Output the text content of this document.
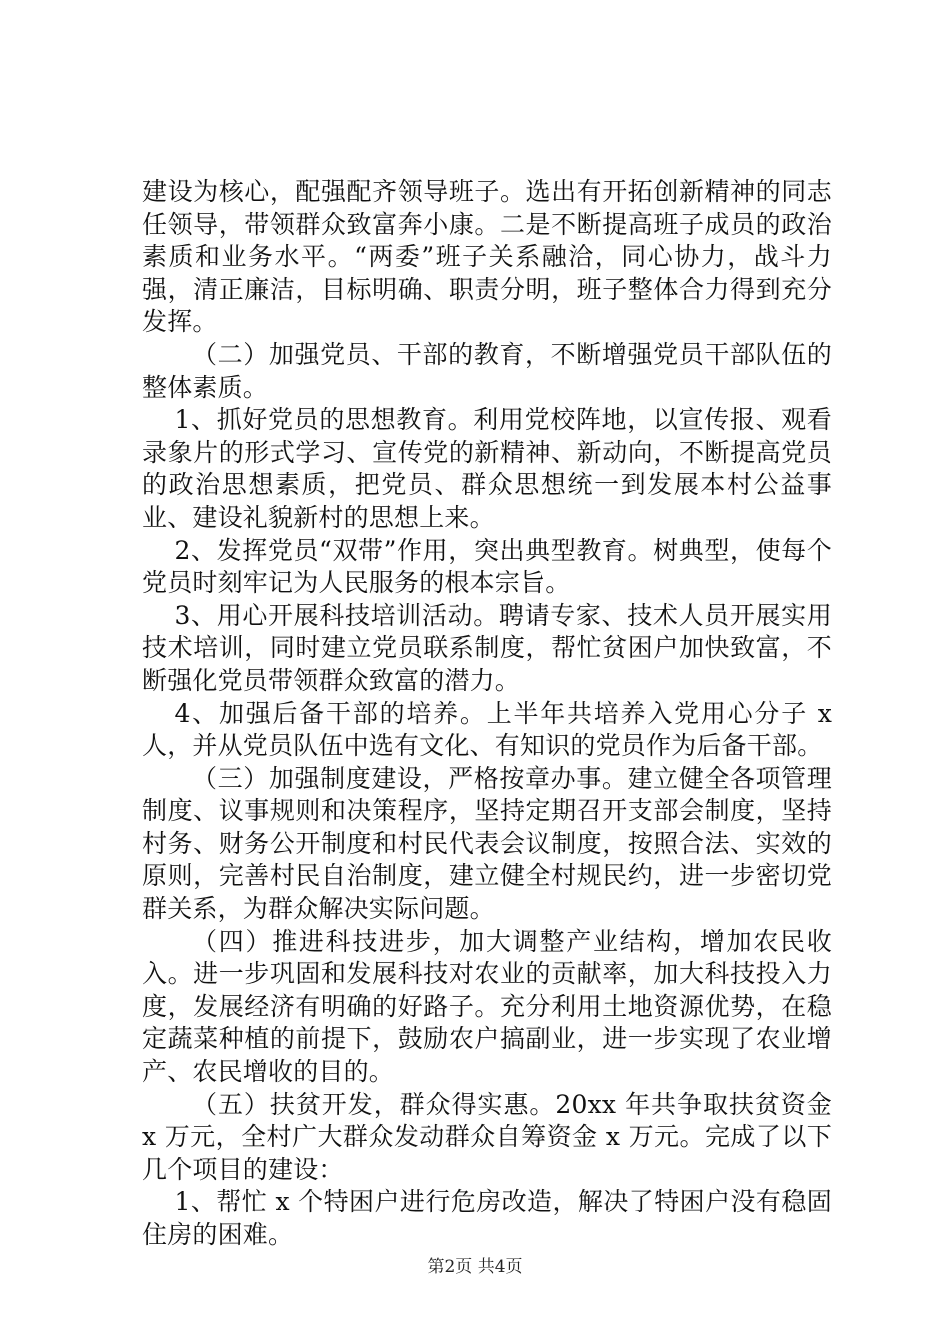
建设为核心，配强配齐领导班子。选出有开拓创新精神的同志任领导，带领群众致富奔小康。二是不断提高班子成员的政治素质和业务水平。“两委”班子关系融洽，同心协力，战斗力强，清正廉洁，目标明确、职责分明，班子整体合力得到充分发挥。

（二）加强党员、干部的教育，不断增强党员干部队伍的整体素质。

1、抓好党员的思想教育。利用党校阵地，以宣传报、观看录象片的形式学习、宣传党的新精神、新动向，不断提高党员的政治思想素质，把党员、群众思想统一到发展本村公益事业、建设礼貌新村的思想上来。

2、发挥党员“双带”作用，突出典型教育。树典型，使每个党员时刻牢记为人民服务的根本宗旨。

3、用心开展科技培训活动。聘请专家、技术人员开展实用技术培训，同时建立党员联系制度，帮忙贫困户加快致富，不断强化党员带领群众致富的潜力。

4、加强后备干部的培养。上半年共培养入党用心分子 x 人，并从党员队伍中选有文化、有知识的党员作为后备干部。

（三）加强制度建设，严格按章办事。建立健全各项管理制度、议事规则和决策程序，坚持定期召开支部会制度，坚持村务、财务公开制度和村民代表会议制度，按照合法、实效的原则，完善村民自治制度，建立健全村规民约，进一步密切党群关系，为群众解决实际问题。

（四）推进科技进步，加大调整产业结构，增加农民收入。进一步巩固和发展科技对农业的贡献率，加大科技投入力度，发展经济有明确的好路子。充分利用土地资源优势，在稳定蔬菜种植的前提下，鼓励农户搞副业，进一步实现了农业增产、农民增收的目的。

（五）扶贫开发，群众得实惠。20xx 年共争取扶贫资金 x 万元，全村广大群众发动群众自筹资金 x 万元。完成了以下几个项目的建设：

1、帮忙 x 个特困户进行危房改造，解决了特困户没有稳固住房的困难。

第2页 共4页
